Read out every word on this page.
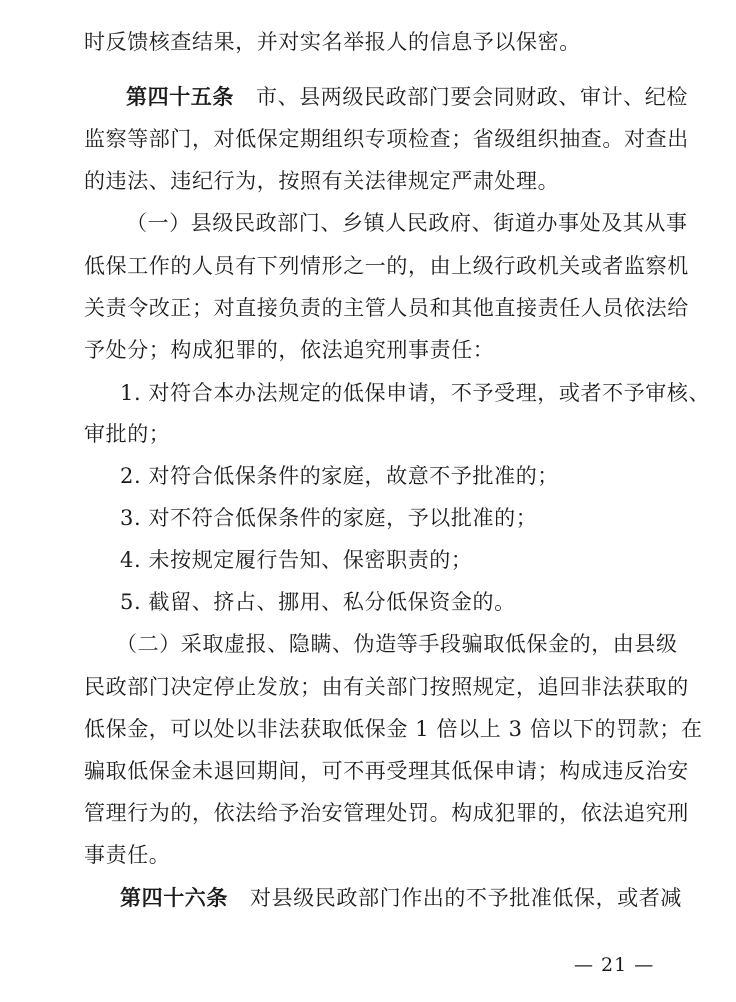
时反馈核查结果，并对实名举报人的信息予以保密。
第四十五条 市、县两级民政部门要会同财政、审计、纪检
监察等部门，对低保定期组织专项检查；省级组织抽查。对查出
的违法、违纪行为，按照有关法律规定严肃处理。
（一）县级民政部门、乡镇人民政府、街道办事处及其从事
低保工作的人员有下列情形之一的，由上级行政机关或者监察机
关责令改正；对直接负责的主管人员和其他直接责任人员依法给
予处分；构成犯罪的，依法追究刑事责任：
1. 对符合本办法规定的低保申请，不予受理，或者不予审核、
审批的；
2. 对符合低保条件的家庭，故意不予批准的；
3. 对不符合低保条件的家庭，予以批准的；
4. 未按规定履行告知、保密职责的；
5. 截留、挤占、挪用、私分低保资金的。
（二）采取虚报、隐瞒、伪造等手段骗取低保金的，由县级
民政部门决定停止发放；由有关部门按照规定，追回非法获取的
低保金，可以处以非法获取低保金 1 倍以上 3 倍以下的罚款；在
骗取低保金未退回期间，可不再受理其低保申请；构成违反治安
管理行为的，依法给予治安管理处罚。构成犯罪的，依法追究刑
事责任。
第四十六条 对县级民政部门作出的不予批准低保，或者减
— 21 —
